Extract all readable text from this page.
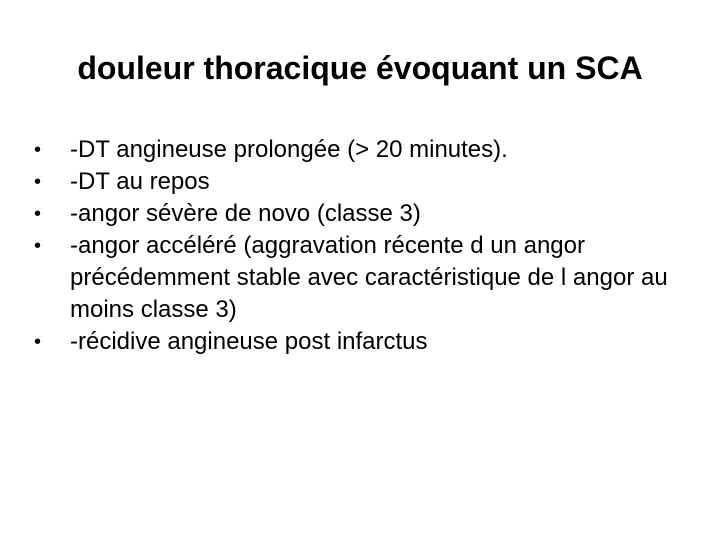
douleur thoracique évoquant un SCA
• -DT angineuse prolongée (> 20 minutes).
• -DT au repos
• -angor sévère de novo (classe 3)
• -angor accéléré (aggravation récente d un angor précédemment stable avec caractéristique de l angor au moins classe 3)
• -récidive angineuse post infarctus
